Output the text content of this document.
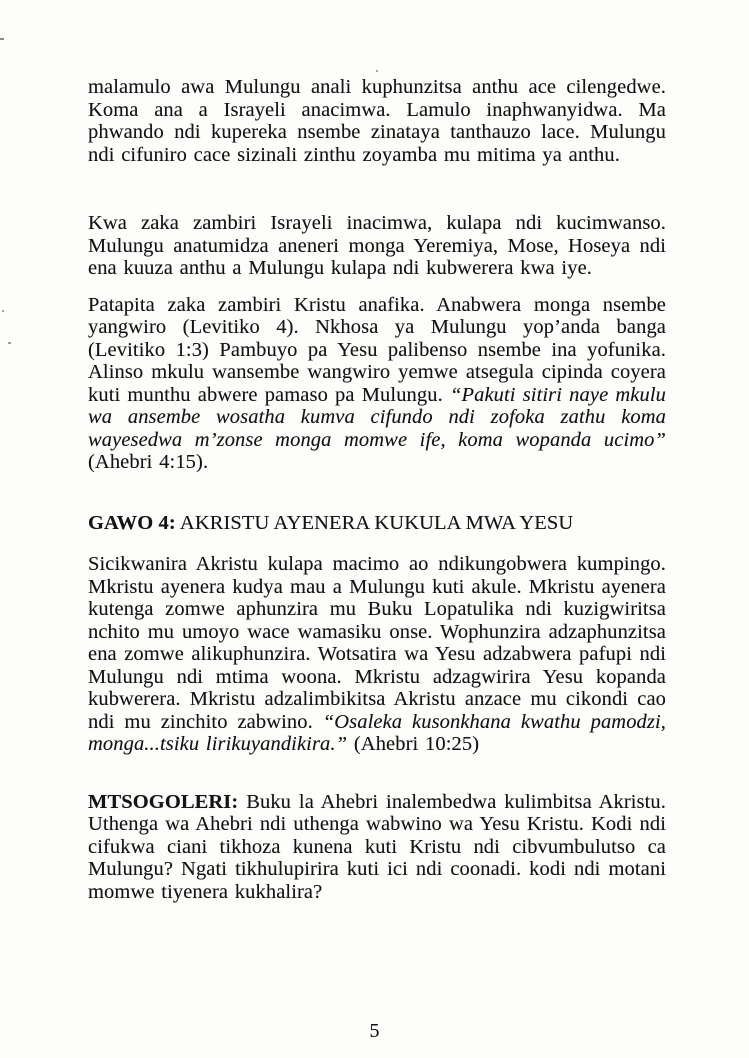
malamulo awa Mulungu anali kuphunzitsa anthu ace cilengedwe. Koma ana a Israyeli anacimwa. Lamulo inaphwanyidwa. Ma phwando ndi kupereka nsembe zinataya tanthauzo lace. Mulungu ndi cifuniro cace sizinali zinthu zoyamba mu mitima ya anthu.

Kwa zaka zambiri Israyeli inacimwa, kulapa ndi kucimwanso. Mulungu anatumidza aneneri monga Yeremiya, Mose, Hoseya ndi ena kuuza anthu a Mulungu kulapa ndi kubwerera kwa iye.

Patapita zaka zambiri Kristu anafika. Anabwera monga nsembe yangwiro (Levitiko 4). Nkhosa ya Mulungu yop’anda banga (Levitiko 1:3) Pambuyo pa Yesu palibenso nsembe ina yofunika. Alinso mkulu wansembe wangwiro yemwe atsegula cipinda coyera kuti munthu abwere pamaso pa Mulungu. “Pakuti sitiri naye mkulu wa ansembe wosatha kumva cifundo ndi zofoka zathu koma wayesedwa m’zonse monga momwe ife, koma wopanda ucimo” (Ahebri 4:15).

GAWO 4: AKRISTU AYENERA KUKULA MWA YESU

Sicikwanira Akristu kulapa macimo ao ndikungobwera kumpingo. Mkristu ayenera kudya mau a Mulungu kuti akule. Mkristu ayenera kutenga zomwe aphunzira mu Buku Lopatulika ndi kuzigwiritsa nchito mu umoyo wace wamasiku onse. Wophunzira adzaphunzitsa ena zomwe alikuphunzira. Wotsatira wa Yesu adzabwera pafupi ndi Mulungu ndi mtima woona. Mkristu adzagwirira Yesu kopanda kubwerera. Mkristu adzalimbikitsa Akristu anzace mu cikondi cao ndi mu zinchito zabwino. “Osaleka kusonkhana kwathu pamodzi, monga...tsiku lirikuyandikira.” (Ahebri 10:25)

MTSOGOLERI: Buku la Ahebri inalembedwa kulimbitsa Akristu. Uthenga wa Ahebri ndi uthenga wabwino wa Yesu Kristu. Kodi ndi cifukwa ciani tikhoza kunena kuti Kristu ndi cibvumbulutso ca Mulungu? Ngati tikhulupirira kuti ici ndi coonadi. kodi ndi motani momwe tiyenera kukhalira?

5
